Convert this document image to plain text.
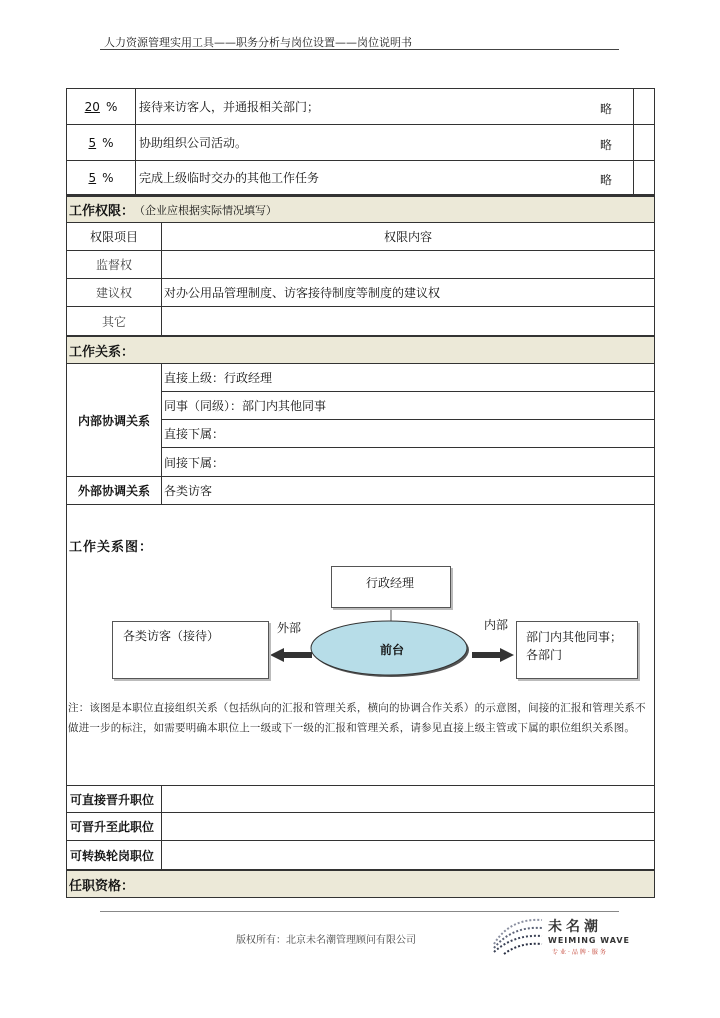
人力资源管理实用工具——职务分析与岗位设置——岗位说明书
20 % 接待来访客人，并通报相关部门；	略
5 % 协助组织公司活动。	略
5 % 完成上级临时交办的其他工作任务	略
工作权限： （企业应根据实际情况填写）
权限项目	权限内容
监督权
建议权	对办公用品管理制度、访客接待制度等制度的建议权
其它
工作关系：
内部协调关系
直接上级：行政经理
同事（同级）：部门内其他同事
直接下属：
间接下属：
外部协调关系	各类访客
工作关系图：
行政经理
前台
各类访客（接待）
外部	内部
部门内其他同事；
各部门
注：该图是本职位直接组织关系（包括纵向的汇报和管理关系，横向的协调合作关系）的示意图，间接的汇报和管理关系不做进一步的标注，如需要明确本职位上一级或下一级的汇报和管理关系，请参见直接上级主管或下属的职位组织关系图。
可直接晋升职位
可晋升至此职位
可转换轮岗职位
任职资格：
版权所有：北京未名潮管理顾问有限公司
未名潮
WEIMING WAVE
专业·品牌·服务
